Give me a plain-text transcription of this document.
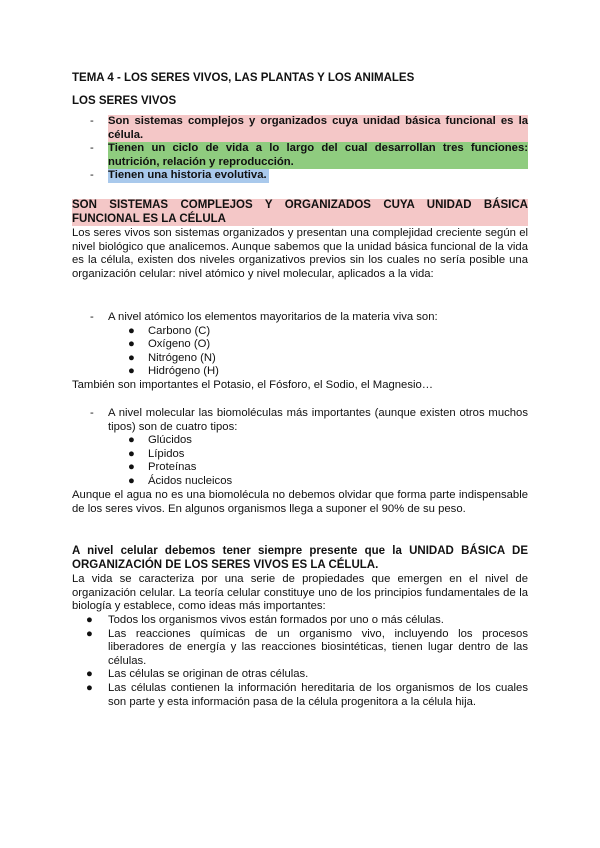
TEMA 4 - LOS SERES VIVOS, LAS PLANTAS Y LOS ANIMALES
LOS SERES VIVOS
- Son sistemas complejos y organizados cuya unidad básica funcional es la célula.
- Tienen un ciclo de vida a lo largo del cual desarrollan tres funciones: nutrición, relación y reproducción.
- Tienen una historia evolutiva.
SON SISTEMAS COMPLEJOS Y ORGANIZADOS CUYA UNIDAD BÁSICA FUNCIONAL ES LA CÉLULA
Los seres vivos son sistemas organizados y presentan una complejidad creciente según el nivel biológico que analicemos. Aunque sabemos que la unidad básica funcional de la vida es la célula, existen dos niveles organizativos previos sin los cuales no sería posible una organización celular: nivel atómico y nivel molecular, aplicados a la vida:
- A nivel atómico los elementos mayoritarios de la materia viva son:
● Carbono (C)
● Oxígeno (O)
● Nitrógeno (N)
● Hidrógeno (H)
También son importantes el Potasio, el Fósforo, el Sodio, el Magnesio…
- A nivel molecular las biomoléculas más importantes (aunque existen otros muchos tipos) son de cuatro tipos:
● Glúcidos
● Lípidos
● Proteínas
● Ácidos nucleicos
Aunque el agua no es una biomolécula no debemos olvidar que forma parte indispensable de los seres vivos. En algunos organismos llega a suponer el 90% de su peso.
A nivel celular debemos tener siempre presente que la UNIDAD BÁSICA DE ORGANIZACIÓN DE LOS SERES VIVOS ES LA CÉLULA.
La vida se caracteriza por una serie de propiedades que emergen en el nivel de organización celular. La teoría celular constituye uno de los principios fundamentales de la biología y establece, como ideas más importantes:
● Todos los organismos vivos están formados por uno o más células.
● Las reacciones químicas de un organismo vivo, incluyendo los procesos liberadores de energía y las reacciones biosintéticas, tienen lugar dentro de las células.
● Las células se originan de otras células.
● Las células contienen la información hereditaria de los organismos de los cuales son parte y esta información pasa de la célula progenitora a la célula hija.
